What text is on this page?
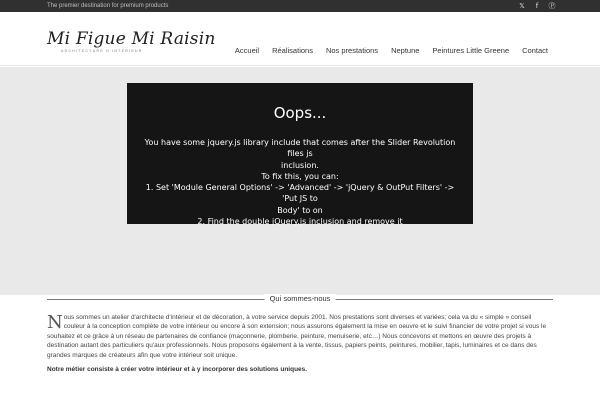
The premier destination for premium products	𝕏	f	Ⓟ
Mi Figue Mi Raisin
ARCHITECTURE D'INTÉRIEUR	Accueil Réalisations Nos prestations Neptune Peintures Little Greene Contact
Oops...
You have some jquery.js library include that comes after the Slider Revolution files js
inclusion.
To fix this, you can:
1. Set 'Module General Options' -> 'Advanced' -> 'jQuery & OutPut Filters' -> 'Put JS to
Body' to on
2. Find the double jQuery.js inclusion and remove it
Qui sommes-nous

Nous sommes un atelier d'architecte d'intérieur et de décoration, à votre service depuis 2001. Nos prestations sont diverses et variées; cela va du « simple » conseil couleur à la conception complète de votre intérieur ou encore à son extension; nous assurons également la mise en oeuvre et le suivi financier de votre projet si vous le souhaitez et ce grâce à un réseau de partenaires de confiance (maçonnerie, plomberie, peinture, menuiserie, etc…) Nous concevons et mettons en œuvre des projets à destination autant des particuliers qu'aux professionnels. Nous proposons également à la vente, tissus, papiers peints, peintures, mobilier, tapis, luminaires et ce dans des grandes marques de créateurs afin que votre intérieur soit unique.

Notre métier consiste à créer votre intérieur et à y incorporer des solutions uniques.
